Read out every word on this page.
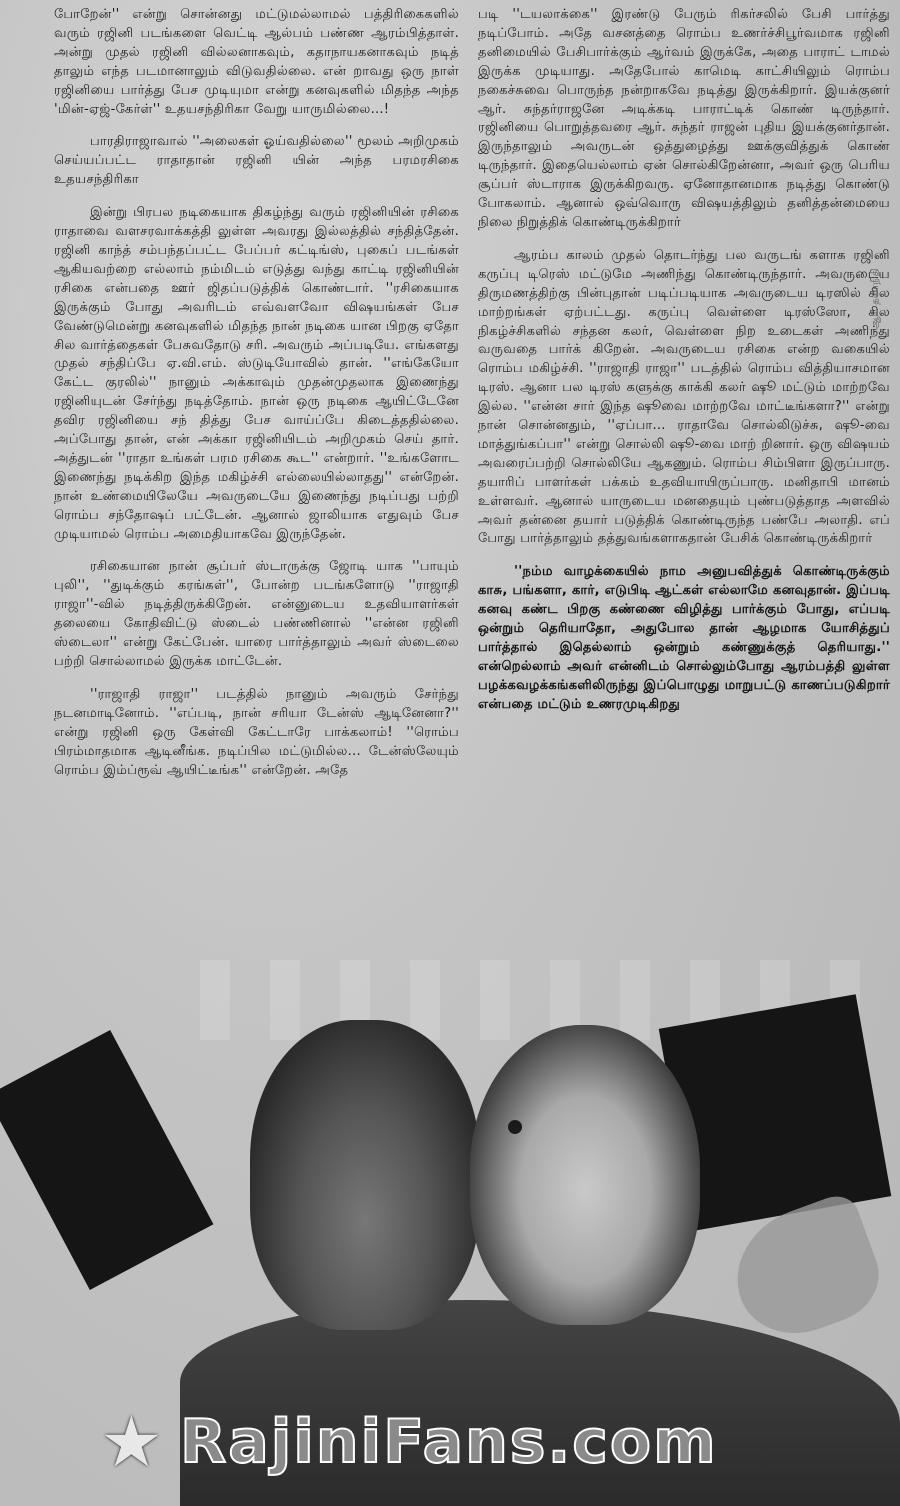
போறேன்'' என்று சொன்னது மட்டுமல்லாமல் பத்திரிகைகளில் வரும் ரஜினி படங்களை வெட்டி ஆல்பம் பண்ண ஆரம்பித்தாள். அன்று முதல் ரஜினி வில்லனாகவும், கதாநாயகனாகவும் நடித் தாலும் எந்த படமானாலும் விடுவதில்லை. என் றாவது ஒரு நாள் ரஜினியை பார்த்து பேச முடியுமா என்று கனவுகளில் மிதந்த அந்த 'மின்-ஏஜ்-கேர்ள்'' உதயசந்திரிகா வேறு யாருமில்லை...!

பாரதிராஜாவால் ''அலைகள் ஓய்வதில்லை'' மூலம் அறிமுகம் செய்யப்பட்ட ராதாதான் ரஜினி யின் அந்த பரமரசிகை உதயசந்திரிகா

இன்று பிரபல நடிகையாக திகழ்ந்து வரும் ரஜினியின் ரசிகை ராதாவை வளசரவாக்கத்தி லுள்ள அவரது இல்லத்தில் சந்தித்தேன். ரஜினி காந்த் சம்பந்தப்பட்ட பேப்பர் கட்டிங்ஸ், புகைப் படங்கள் ஆகியவற்றை எல்லாம் நம்மிடம் எடுத்து வந்து காட்டி ரஜினியின் ரசிகை என்பதை ஊர் ஜிதப்படுத்திக் கொண்டார். ''ரசிகையாக இருக்கும் போது அவரிடம் எவ்வளவோ விஷயங்கள் பேச வேண்டுமென்று கனவுகளில் மிதந்த நான் நடிகை யான பிறகு ஏதோ சில வார்த்தைகள் பேசுவதோடு சரி. அவரும் அப்படியே. எங்களது முதல் சந்திப்பே ஏ.வி.எம். ஸ்டுடியோவில் தான். ''எங்கேயோ கேட்ட குரலில்'' நானும் அக்காவும் முதன்முதலாக இணைந்து ரஜினியுடன் சேர்ந்து நடித்தோம். நான் ஒரு நடிகை ஆயிட்டேனே தவிர ரஜினியை சந் தித்து பேச வாய்ப்பே கிடைத்ததில்லை. அப்போது தான், என் அக்கா ரஜினியிடம் அறிமுகம் செய் தார். அத்துடன் ''ராதா உங்கள் பரம ரசிகை கூட'' என்றார். ''உங்களோட இணைந்து நடிக்கிற இந்த மகிழ்ச்சி எல்லையில்லாதது'' என்றேன். நான் உண்மையிலேயே அவருடையே இணைந்து நடிப்பது பற்றி ரொம்ப சந்தோஷப் பட்டேன். ஆனால் ஜாலியாக எதுவும் பேச முடியாமல் ரொம்ப அமைதியாகவே இருந்தேன்.

ரசிகையான நான் சூப்பர் ஸ்டாருக்கு ஜோடி யாக ''பாயும் புலி'', ''துடிக்கும் கரங்கள்'', போன்ற படங்களோடு ''ராஜாதி ராஜா''-வில் நடித்திருக்கிறேன். என்னுடைய உதவியாளர்கள் தலையை கோதிவிட்டு ஸ்டைல் பண்ணினால் ''என்ன ரஜினி ஸ்டைலா'' என்று கேட்பேன். யாரை பார்த்தாலும் அவர் ஸ்டைலை பற்றி சொல்லாமல் இருக்க மாட்டேன்.

''ராஜாதி ராஜா'' படத்தில் நானும் அவரும் சேர்ந்து நடனமாடினோம். ''எப்படி, நான் சரியா டேன்ஸ் ஆடினேனா?'' என்று ரஜினி ஒரு கேள்வி கேட்டாரே பாக்கலாம்! ''ரொம்ப பிரம்மாதமாக ஆடினீங்க. நடிப்பில மட்டுமில்ல... டேன்ஸ்லேயும் ரொம்ப இம்ப்ரூவ் ஆயிட்டீங்க'' என்றேன். அதே

படி ''டயலாக்கை'' இரண்டு பேரும் ரிகர்சலில் பேசி பார்த்து நடிப்போம். அதே வசனத்தை ரொம்ப உணர்ச்சிபூர்வமாக ரஜினி தனிமையில் பேசிபார்க்கும் ஆர்வம் இருக்கே, அதை பாராட் டாமல் இருக்க முடியாது. அதேபோல் காமெடி காட்சியிலும் ரொம்ப நகைச்சுவை பொருந்த நன்றாகவே நடித்து இருக்கிறார். இயக்குனர் ஆர். சுந்தர்ராஜனே அடிக்கடி பாராட்டிக் கொண் டிருந்தார். ரஜினியை பொறுத்தவரை ஆர். சுந்தர் ராஜன் புதிய இயக்குனர்தான். இருந்தாலும் அவருடன் ஒத்துழைத்து ஊக்குவித்துக் கொண் டிருந்தார். இதையெல்லாம் ஏன் சொல்கிறேன்னா, அவர் ஒரு பெரிய சூப்பர் ஸ்டாராக இருக்கிறவரு. ஏனோதானமாக நடித்து கொண்டு போகலாம். ஆனால் ஒவ்வொரு விஷயத்திலும் தனித்தன்மையை நிலை நிறுத்திக் கொண்டிருக்கிறார்

ஆரம்ப காலம் முதல் தொடர்ந்து பல வருடங் களாக ரஜினி கருப்பு டிரெஸ் மட்டுமே அணிந்து கொண்டிருந்தார். அவருடைய திருமணத்திற்கு பின்புதான் படிப்படியாக அவருடைய டிரஸில் சில மாற்றங்கள் ஏற்பட்டது. கருப்பு வெள்ளை டிரஸ்ஸோ, சில நிகழ்ச்சிகளில் சந்தன கலர், வெள்ளை நிற உடைகள் அணிந்து வருவதை பார்க் கிறேன். அவருடைய ரசிகை என்ற வகையில் ரொம்ப மகிழ்ச்சி. ''ராஜாதி ராஜா'' படத்தில் ரொம்ப வித்தியாசமான டிரஸ். ஆனா பல டிரஸ் களுக்கு காக்கி கலர் ஷூ மட்டும் மாற்றவே இல்ல. ''என்ன சார் இந்த ஷூவை மாற்றவே மாட்டீங்களா?'' என்று நான் சொன்னதும், ''ஏப்பா... ராதாவே சொல்லிடுச்சு, ஷூ-வை மாத்துங்கப்பா'' என்று சொல்லி ஷூ-வை மாற் றினார். ஒரு விஷயம் அவரைப்பற்றி சொல்லியே ஆகணும். ரொம்ப சிம்பிளா இருப்பாரு. தயாரிப் பாளர்கள் பக்கம் உதவியாயிருப்பாரு. மனிதாபி மானம் உள்ளவர். ஆனால் யாருடைய மனதையும் புண்படுத்தாத அளவில் அவர் தன்னை தயார் படுத்திக் கொண்டிருந்த பண்பே அலாதி. எப் போது பார்த்தாலும் தத்துவங்களாகதான் பேசிக் கொண்டிருக்கிறார்

''நம்ம வாழக்கையில் நாம அனுபவித்துக் கொண்டிருக்கும் காசு, பங்களா, கார், எடுபிடி ஆட்கள் எல்லாமே கனவுதான். இப்படி கனவு கண்ட பிறகு கண்ணை விழித்து பார்க்கும் போது, எப்படி ஒன்றும் தெரியாதோ, அதுபோல தான் ஆழமாக யோசித்துப் பார்த்தால் இதெல்லாம் ஒன்றும் கண்ணுக்குத் தெரியாது.'' என்றெல்லாம் அவர் என்னிடம் சொல்லும்போது ஆரம்பத்தி லுள்ள பழக்கவழக்கங்களிலிருந்து இப்பொழுது மாறுபட்டு காணப்படுகிறார் என்பதை மட்டும் உணரமுடிகிறது

ஆர். தயாநிதி
★ RajiniFans.com
